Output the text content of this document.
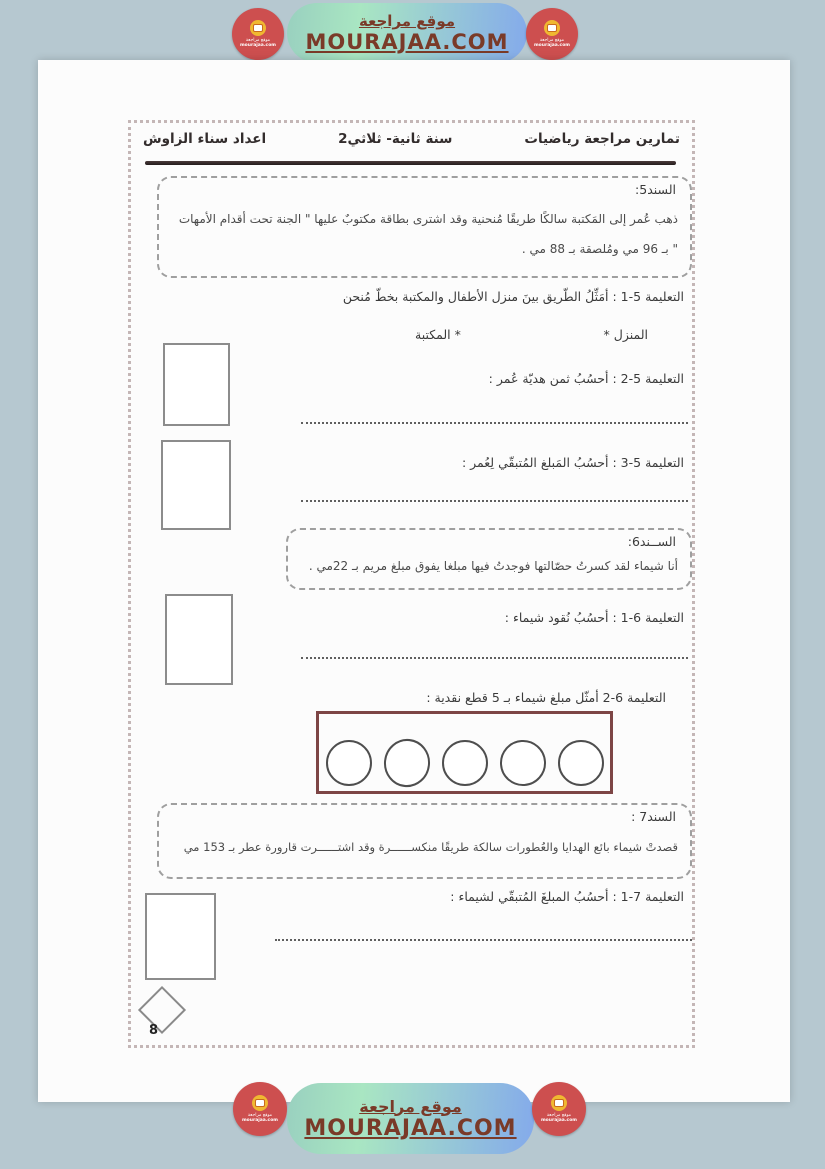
موقع مراجعة
mourajaa.com
موقع مراجعة
MOURAJAA.COM	موقع مراجعة
mourajaa.com
تمارين مراجعة رياضيات
سنة ثانية- ثلاثي2
اعداد سناء الزاوش
السند5:
ذهب عُمر إلى المَكتبة سالكًا طريقًا مُنحنية وقد اشترى بطاقة مكتوبٌ عليها " الجنة تحت أقدام الأمهات " بـ 96 مي ومُلصقة بـ 88 مي .
التعليمة 5-1 : أمَثِّلُ الطّريق بينَ منزل الأطفال والمكتبة بخطّ مُنحن
المنزل *
* المكتبة
التعليمة 5-2 : أحسُبُ ثمن هديّة عُمر :
التعليمة 5-3 : أحسُبُ المَبلغ المُتبقّي لِعُمر :
الســند6:
أنا شيماء لقد كسرتُ حصّالتها فوجدتُ فيها مبلغا يفوق مبلغ مريم بـ 22مي .
التعليمة 6-1 : أحسُبُ نُقود شيماء :
التعليمة 6-2 أمثّل مبلغ شيماء بـ 5 قطع نقدية :
السند7 :
قصدتْ شيماء بائع الهدايا والعُطورات سالكة طريقًا منكســــــرة وقد اشتــــــرت قارورة عطر بـ 153 مي
التعليمة 7-1 : أحسُبُ المبلغَ المُتبقّي لشيماء :
8
موقع مراجعة
mourajaa.com
موقع مراجعة
MOURAJAA.COM	موقع مراجعة
mourajaa.com
